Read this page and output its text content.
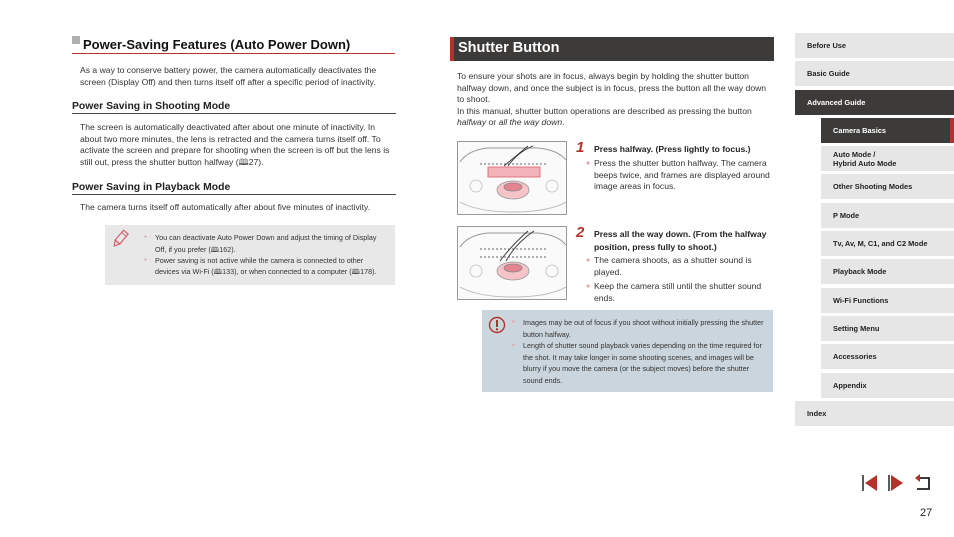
Power-Saving Features (Auto Power Down)

As a way to conserve battery power, the camera automatically deactivates the screen (Display Off) and then turns itself off after a specific period of inactivity.

Power Saving in Shooting Mode

The screen is automatically deactivated after about one minute of inactivity. In about two more minutes, the lens is retracted and the camera turns itself off. To activate the screen and prepare for shooting when the screen is off but the lens is still out, press the shutter button halfway (🕮27).

Power Saving in Playback Mode

The camera turns itself off automatically after about five minutes of inactivity.

● You can deactivate Auto Power Down and adjust the timing of Display Off, if you prefer (🕮162).
● Power saving is not active while the camera is connected to other devices via Wi-Fi (🕮133), or when connected to a computer (🕮178).
Shutter Button

To ensure your shots are in focus, always begin by holding the shutter button halfway down, and once the subject is in focus, press the button all the way down to shoot.
In this manual, shutter button operations are described as pressing the button halfway or all the way down.

1 Press halfway. (Press lightly to focus.)
● Press the shutter button halfway. The camera beeps twice, and frames are displayed around image areas in focus.
2 Press all the way down. (From the halfway position, press fully to shoot.)
● The camera shoots, as a shutter sound is played.
● Keep the camera still until the shutter sound ends.
● Images may be out of focus if you shoot without initially pressing the shutter button halfway.
● Length of shutter sound playback varies depending on the time required for the shot. It may take longer in some shooting scenes, and images will be blurry if you move the camera (or the subject moves) before the shutter sound ends.
Before Use
Basic Guide
Advanced Guide
Camera Basics
Auto Mode /
Hybrid Auto Mode
Other Shooting Modes
P Mode
Tv, Av, M, C1, and C2 Mode
Playback Mode
Wi-Fi Functions
Setting Menu
Accessories
Appendix
Index
27
